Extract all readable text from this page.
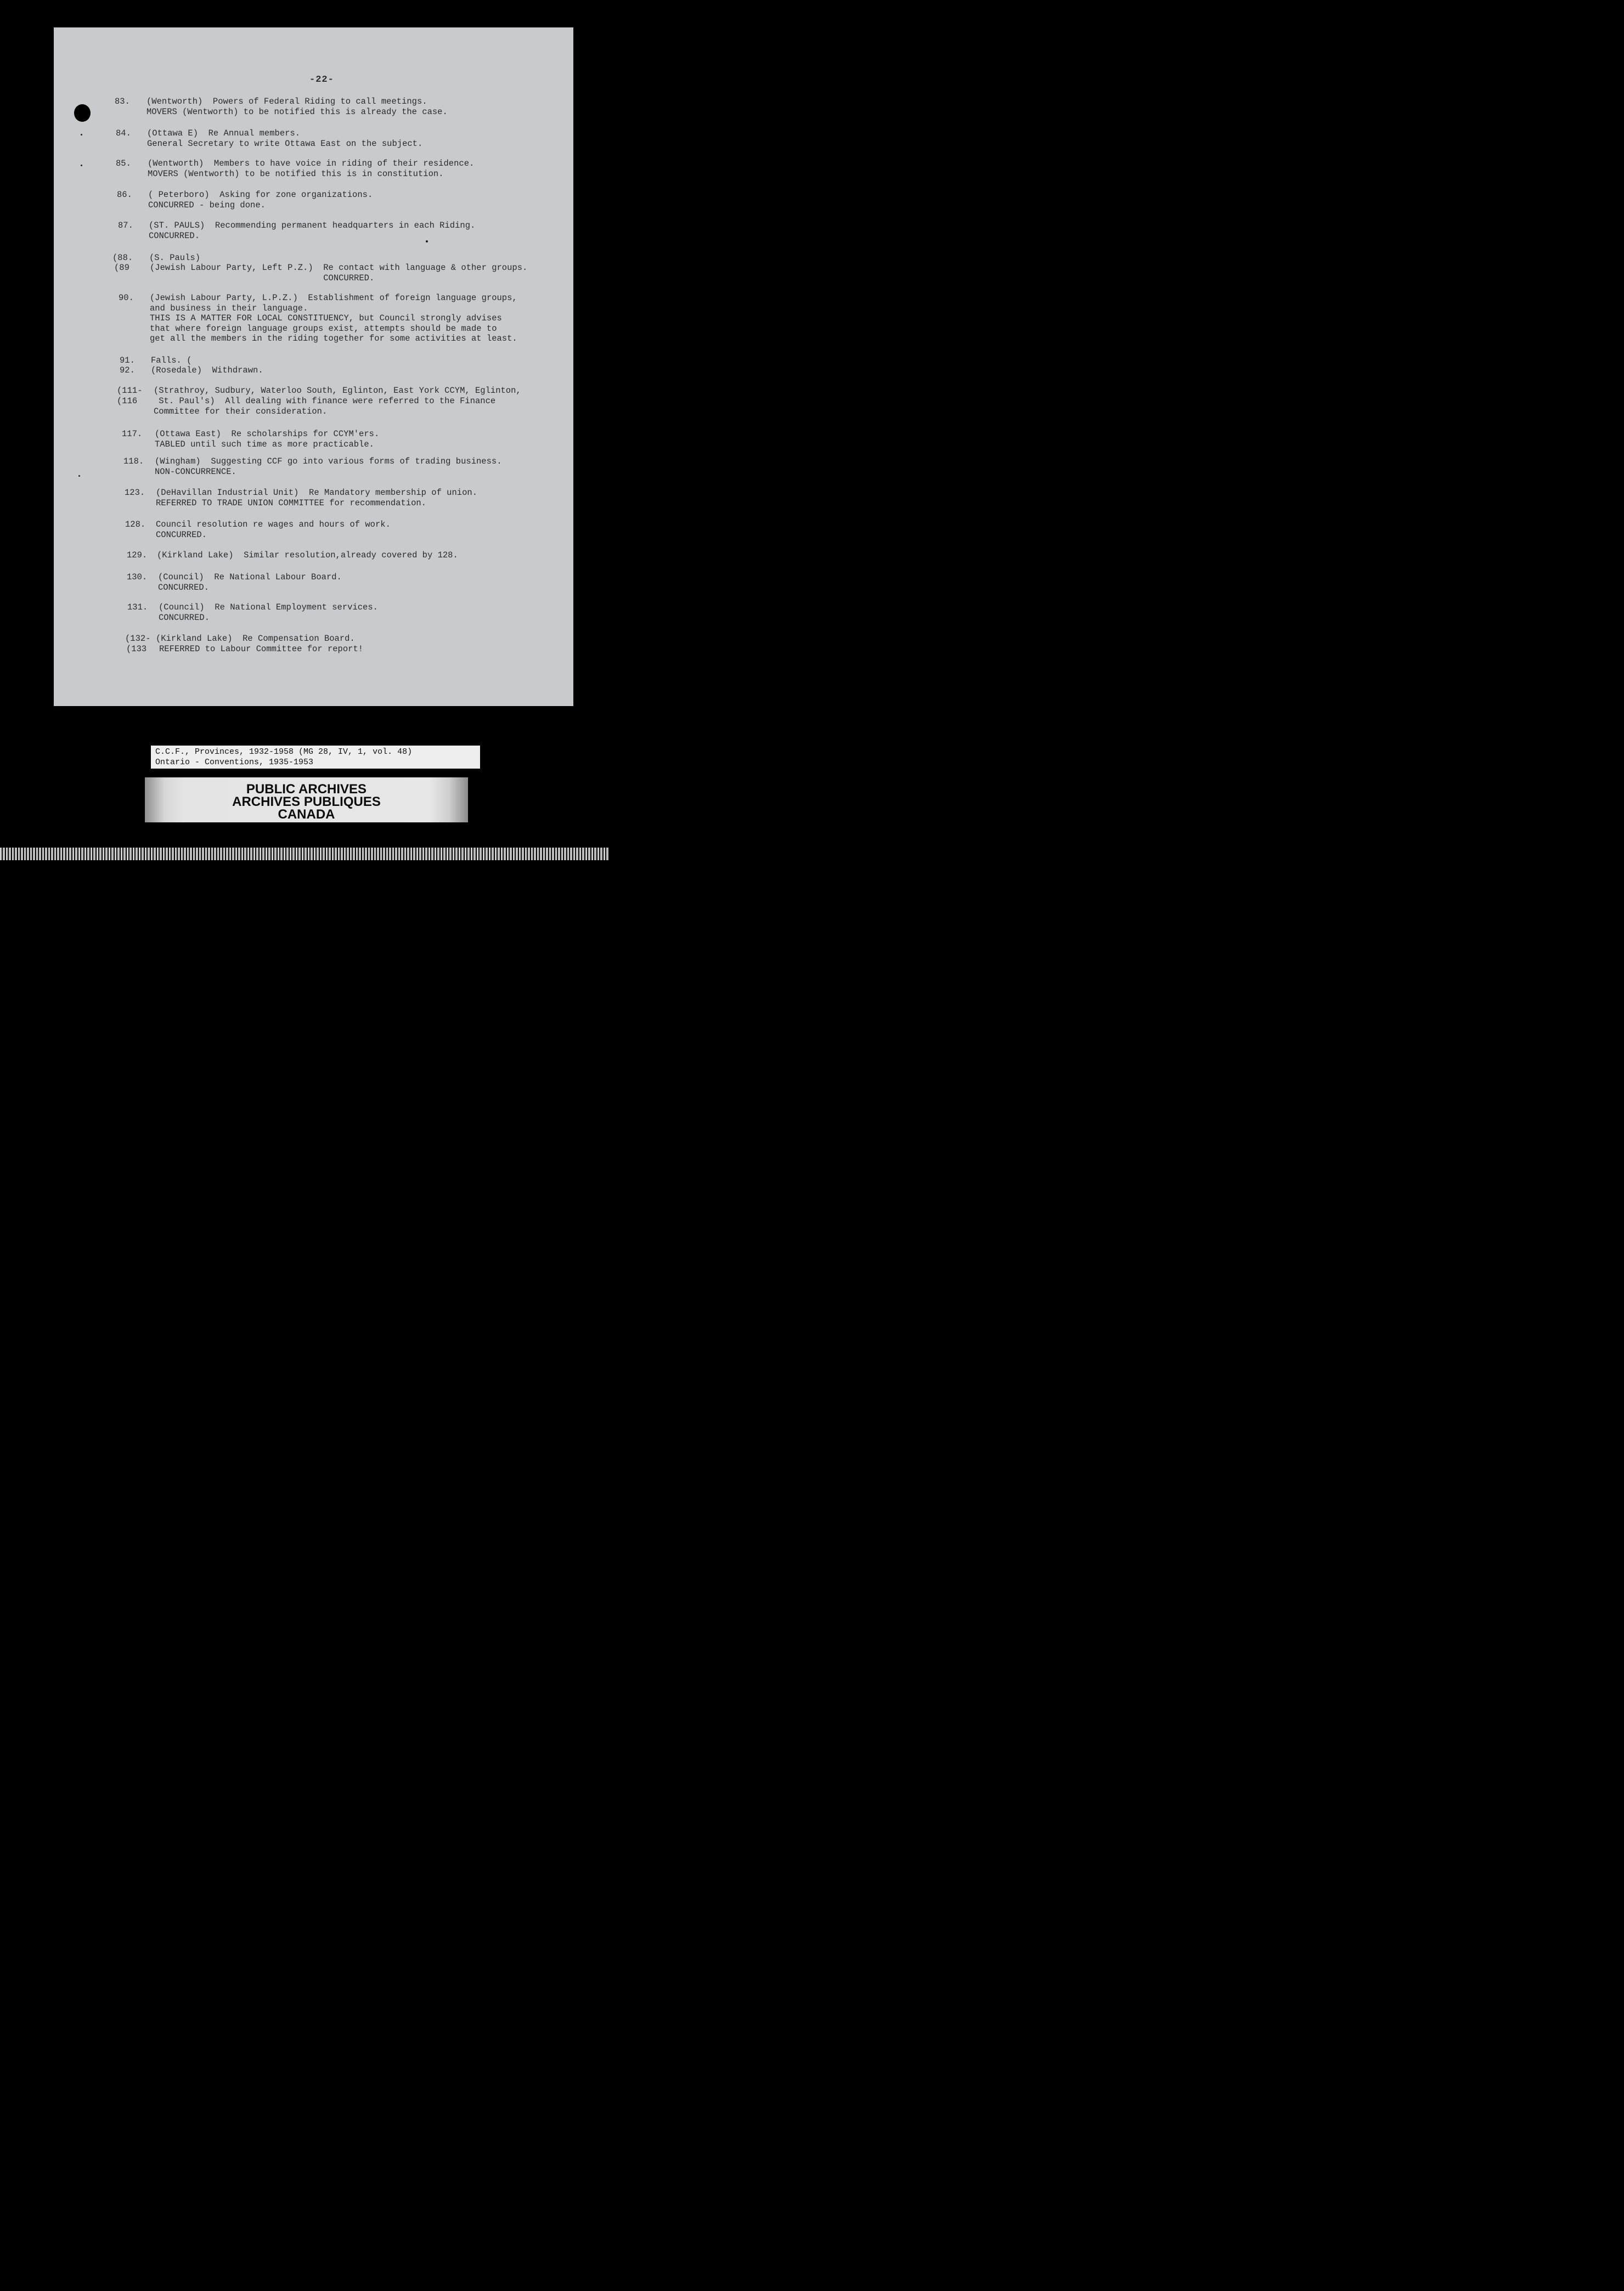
-22-
83. (Wentworth)  Powers of Federal Riding to call meetings.
MOVERS (Wentworth) to be notified this is already the case.
84. (Ottawa E)  Re Annual members.
General Secretary to write Ottawa East on the subject.
85. (Wentworth)  Members to have voice in riding of their residence.
MOVERS (Wentworth) to be notified this is in constitution.
86. ( Peterboro)  Asking for zone organizations.
CONCURRED - being done.
87. (ST. PAULS)  Recommending permanent headquarters in each Riding.
CONCURRED.
(88. (S. Pauls)
(89 (Jewish Labour Party, Left P.Z.)  Re contact with language & other groups.
CONCURRED.
90. (Jewish Labour Party, L.P.Z.)  Establishment of foreign language groups,
and business in their language.
THIS IS A MATTER FOR LOCAL CONSTITUENCY, but Council strongly advises
that where foreign language groups exist, attempts should be made to
get all the members in the riding together for some activities at least.
91. Falls. (
92. (Rosedale)  Withdrawn.
(111- (Strathroy, Sudbury, Waterloo South, Eglinton, East York CCYM, Eglinton,
(116 St. Paul's)  All dealing with finance were referred to the Finance
Committee for their consideration.
117. (Ottawa East)  Re scholarships for CCYM'ers.
TABLED until such time as more practicable.
118. (Wingham)  Suggesting CCF go into various forms of trading business.
NON-CONCURRENCE.
123. (DeHavillan Industrial Unit)  Re Mandatory membership of union.
REFERRED TO TRADE UNION COMMITTEE for recommendation.
128. Council resolution re wages and hours of work.
CONCURRED.
129. (Kirkland Lake)  Similar resolution,already covered by 128.
130. (Council)  Re National Labour Board.
CONCURRED.
131. (Council)  Re National Employment services.
CONCURRED.
(132- (Kirkland Lake)  Re Compensation Board.
(133 REFERRED to Labour Committee for report!
C.C.F., Provinces, 1932-1958 (MG 28, IV, 1, vol. 48)
Ontario - Conventions, 1935-1953
PUBLIC ARCHIVES
ARCHIVES PUBLIQUES
CANADA
